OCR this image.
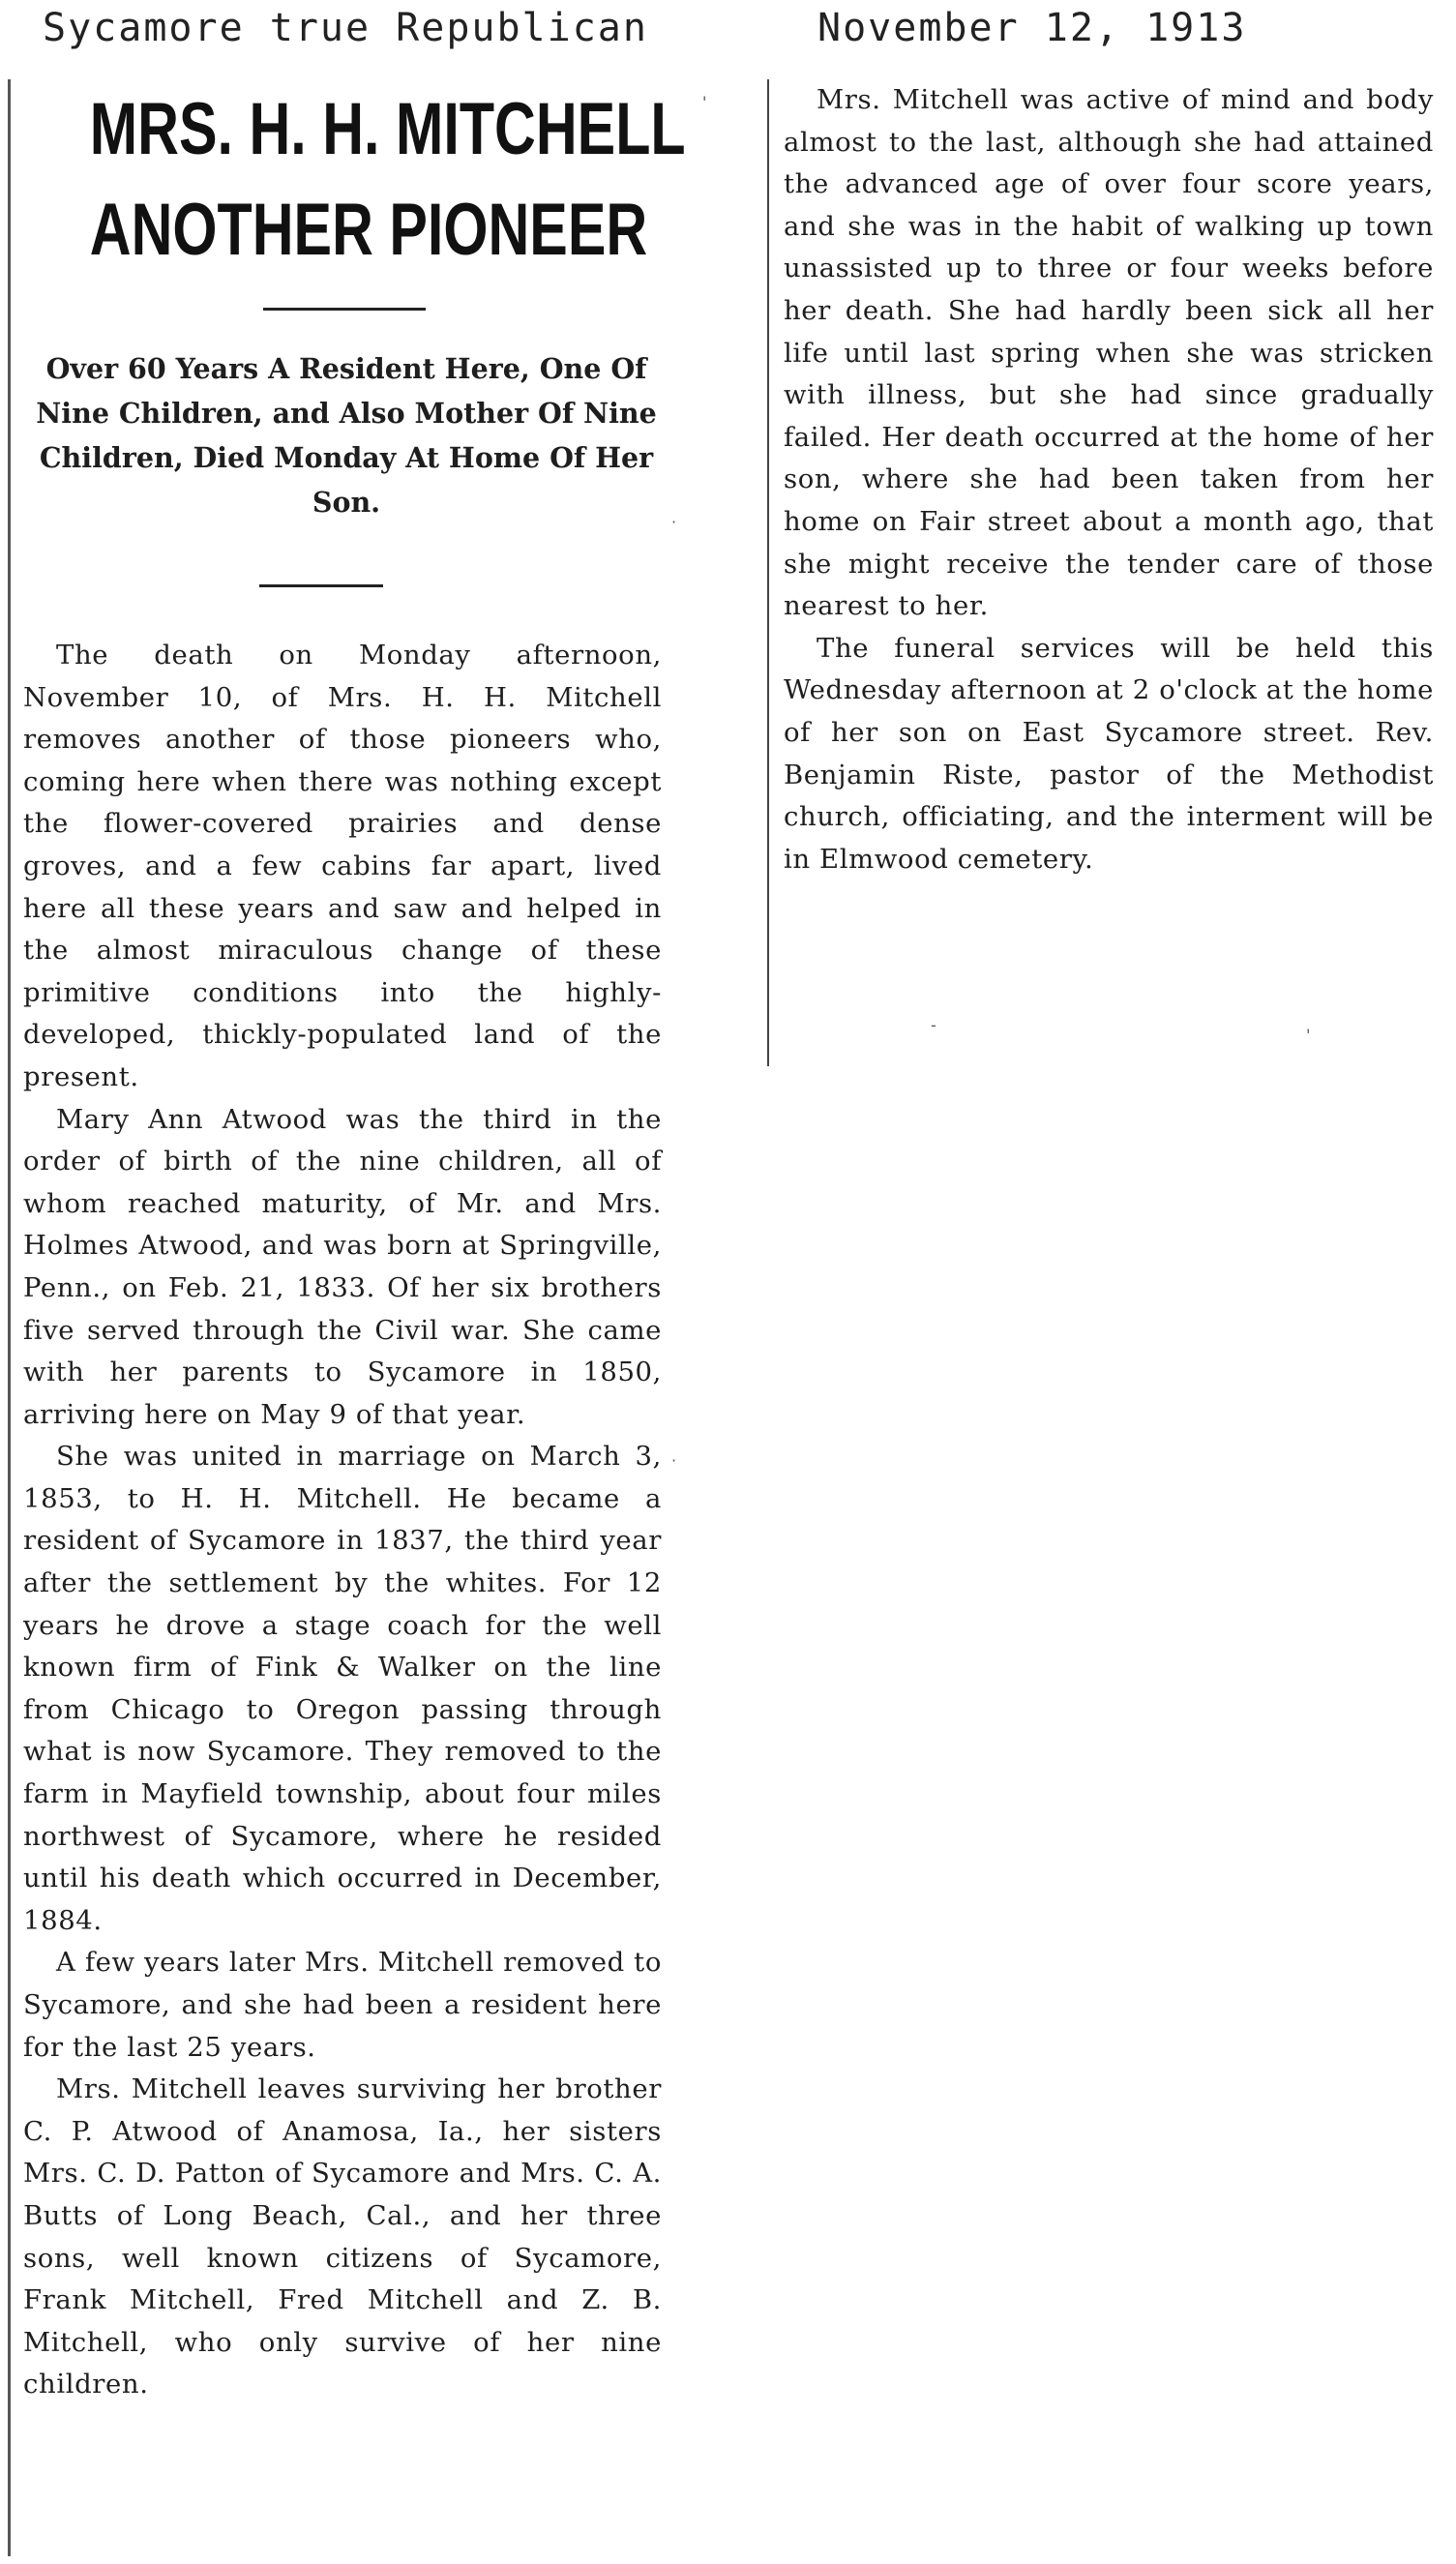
Sycamore true Republican	November 12, 1913
MRS. H. H. MITCHELL
ANOTHER PIONEER
Over 60 Years A Resident Here, One Of Nine Children, and Also Mother Of Nine Children, Died Monday At Home Of Her Son.

The death on Monday afternoon, November 10, of Mrs. H. H. Mitchell removes another of those pioneers who, coming here when there was nothing except the flower-covered prairies and dense groves, and a few cabins far apart, lived here all these years and saw and helped in the almost miraculous change of these primitive conditions into the highly-developed, thickly-populated land of the present.

Mary Ann Atwood was the third in the order of birth of the nine children, all of whom reached maturity, of Mr. and Mrs. Holmes Atwood, and was born at Springville, Penn., on Feb. 21, 1833. Of her six brothers five served through the Civil war. She came with her parents to Sycamore in 1850, arriving here on May 9 of that year.

She was united in marriage on March 3, 1853, to H. H. Mitchell. He became a resident of Sycamore in 1837, the third year after the settlement by the whites. For 12 years he drove a stage coach for the well known firm of Fink & Walker on the line from Chicago to Oregon passing through what is now Sycamore. They removed to the farm in Mayfield township, about four miles northwest of Sycamore, where he resided until his death which occurred in December, 1884.

A few years later Mrs. Mitchell removed to Sycamore, and she had been a resident here for the last 25 years.

Mrs. Mitchell leaves surviving her brother C. P. Atwood of Anamosa, Ia., her sisters Mrs. C. D. Patton of Sycamore and Mrs. C. A. Butts of Long Beach, Cal., and her three sons, well known citizens of Sycamore, Frank Mitchell, Fred Mitchell and Z. B. Mitchell, who only survive of her nine children.

Mrs. Mitchell was active of mind and body almost to the last, although she had attained the advanced age of over four score years, and she was in the habit of walking up town unassisted up to three or four weeks before her death. She had hardly been sick all her life until last spring when she was stricken with illness, but she had since gradually failed. Her death occurred at the home of her son, where she had been taken from her home on Fair street about a month ago, that she might receive the tender care of those nearest to her.

The funeral services will be held this Wednesday afternoon at 2 o'clock at the home of her son on East Sycamore street. Rev. Benjamin Riste, pastor of the Methodist church, officiating, and the interment will be in Elmwood cemetery.

'
·
-
'
·
